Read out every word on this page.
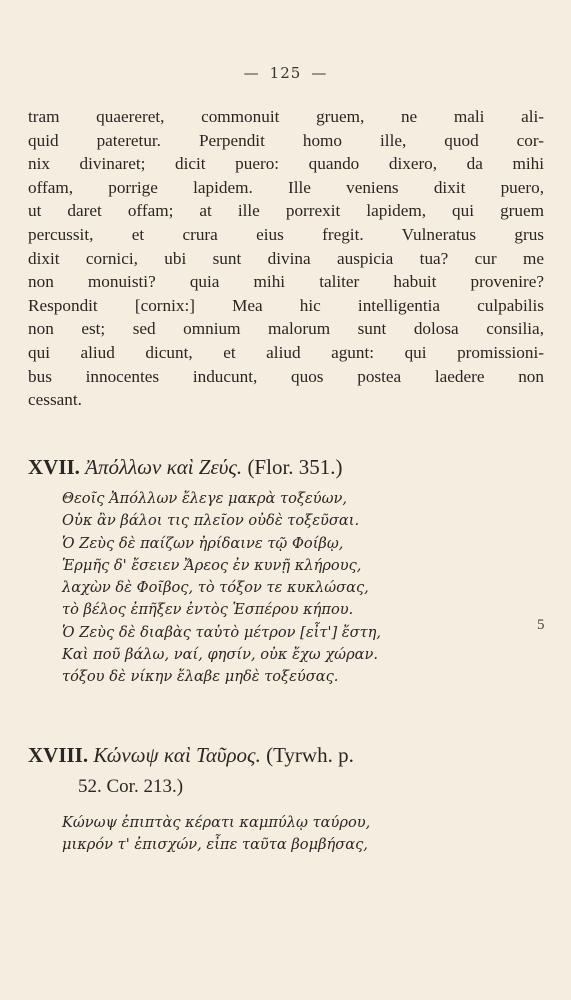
— 125 —
tram quaereret, commonuit gruem, ne mali ali-
quid pateretur. Perpendit homo ille, quod cor-
nix divinaret; dicit puero: quando dixero, da mihi
offam, porrige lapidem. Ille veniens dixit puero,
ut daret offam; at ille porrexit lapidem, qui gruem
percussit, et crura eius fregit. Vulneratus grus
dixit cornici, ubi sunt divina auspicia tua? cur me
non monuisti? quia mihi taliter habuit provenire?
Respondit [cornix:] Mea hic intelligentia culpabilis
non est; sed omnium malorum sunt dolosa consilia,
qui aliud dicunt, et aliud agunt: qui promissioni-
bus innocentes inducunt, quos postea laedere non
cessant.
XVII. Ἀπόλλων καὶ Ζεύς. (Flor. 351.)
Θεοῖς Ἀπόλλων ἔλεγε μακρὰ τοξεύων,
Οὐκ ἂν βάλοι τις πλεῖον οὐδὲ τοξεῦσαι.
Ὁ Ζεὺς δὲ παίζων ἠρίδαινε τῷ Φοίβῳ,
Ἑρμῆς δ' ἔσειεν Ἄρεος ἐν κυνῇ κλήρους,
λαχὼν δὲ Φοῖβος, τὸ τόξον τε κυκλώσας,
τὸ βέλος ἐπῆξεν ἐντὸς Ἑσπέρου κήπου.
Ὁ Ζεὺς δὲ διαβὰς ταὐτὸ μέτρον [εἶτ'] ἔστη,
Καὶ ποῦ βάλω, ναί, φησίν, οὐκ ἔχω χώραν.
τόξου δὲ νίκην ἔλαβε μηδὲ τοξεύσας.
5
XVIII. Κώνωψ καὶ Ταῦρος. (Tyrwh. p.
52. Cor. 213.)
Κώνωψ ἐπιπτὰς κέρατι καμπύλῳ ταύρου,
μικρόν τ' ἐπισχών, εἶπε ταῦτα βομβήσας,
